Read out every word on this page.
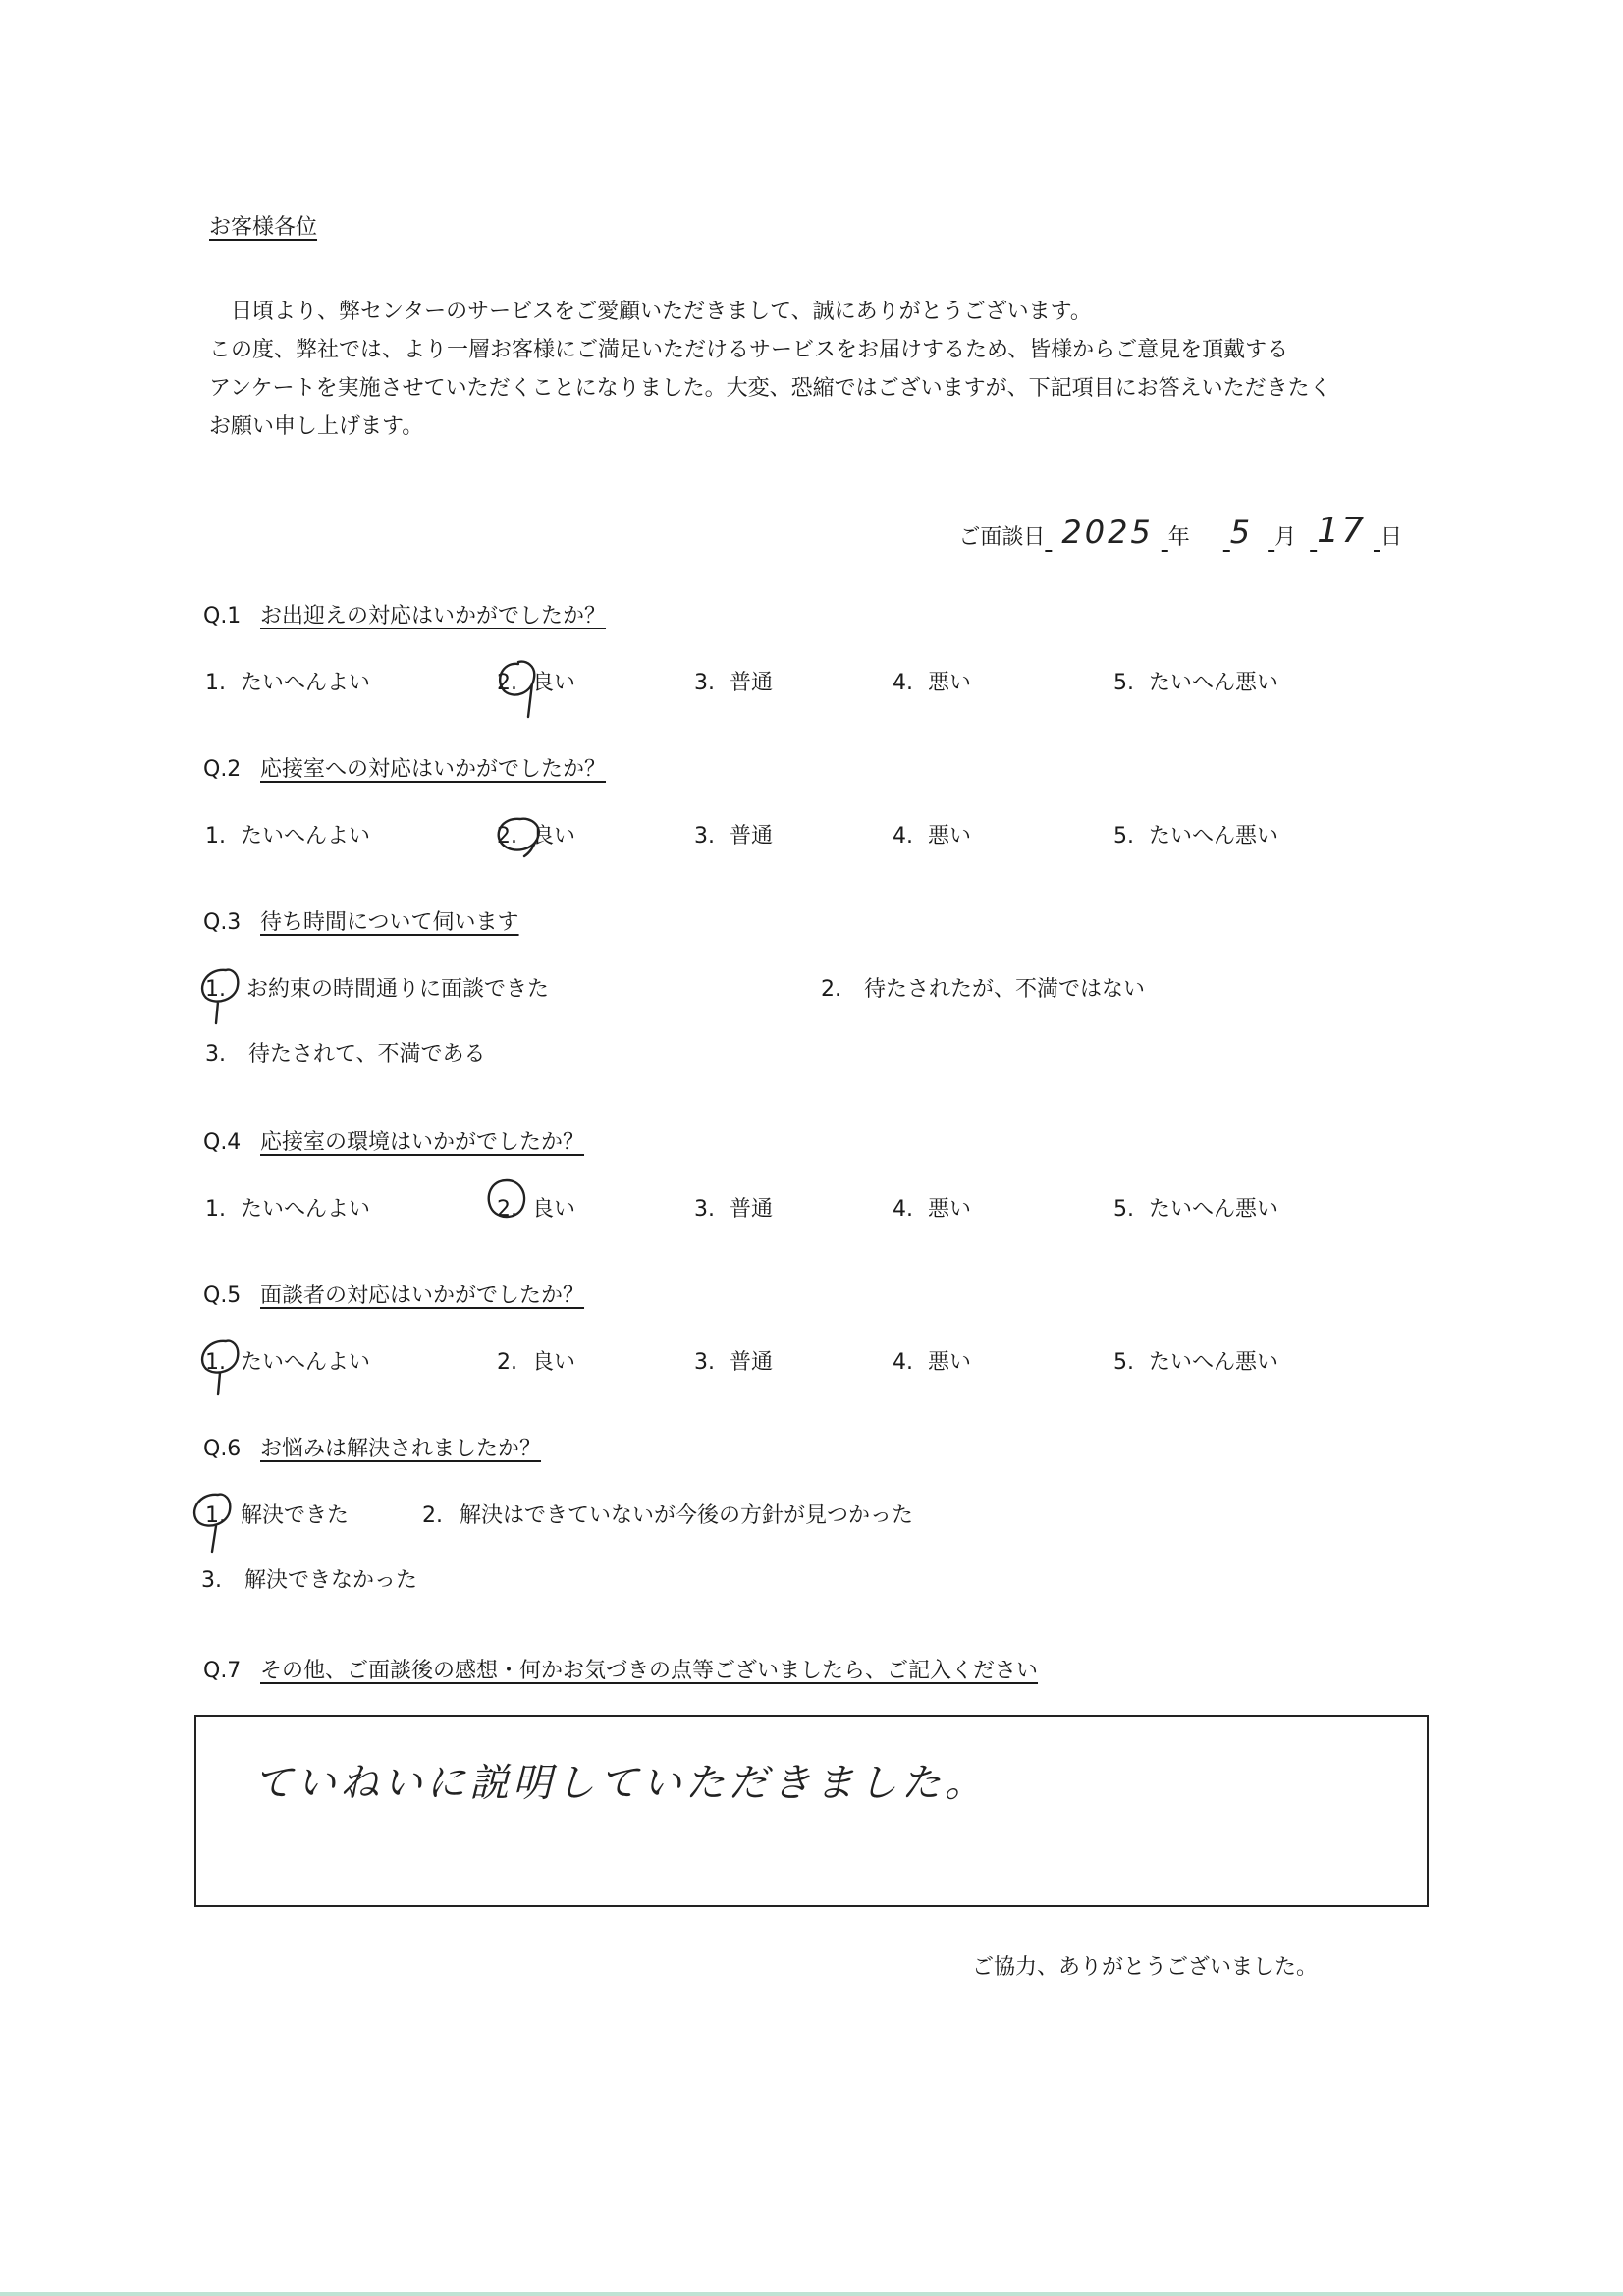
お客様各位
日頃より、弊センターのサービスをご愛顧いただきまして、誠にありがとうございます。
この度、弊社では、より一層お客様にご満足いただけるサービスをお届けするため、皆様からご意見を頂戴する
アンケートを実施させていただくことになりました。大変、恐縮ではございますが、下記項目にお答えいただきたく
お願い申し上げます。
ご面談日 2025 年 5 月 17 日
Q.1 お出迎えの対応はいかがでしたか？
1. たいへんよい	2. 良い	3. 普通	4. 悪い	5. たいへん悪い
Q.2 応接室への対応はいかがでしたか？
1. たいへんよい	2. 良い	3. 普通	4. 悪い	5. たいへん悪い
Q.3 待ち時間について伺います
1. お約束の時間通りに面談できた	2. 待たされたが、不満ではない
3. 待たされて、不満である
Q.4 応接室の環境はいかがでしたか？
1. たいへんよい	2. 良い	3. 普通	4. 悪い	5. たいへん悪い
Q.5 面談者の対応はいかがでしたか？
1. たいへんよい	2. 良い	3. 普通	4. 悪い	5. たいへん悪い
Q.6 お悩みは解決されましたか？
1. 解決できた	2. 解決はできていないが今後の方針が見つかった
3. 解決できなかった
Q.7 その他、ご面談後の感想・何かお気づきの点等ございましたら、ご記入ください
ていねいに説明していただきました。
ご協力、ありがとうございました。
